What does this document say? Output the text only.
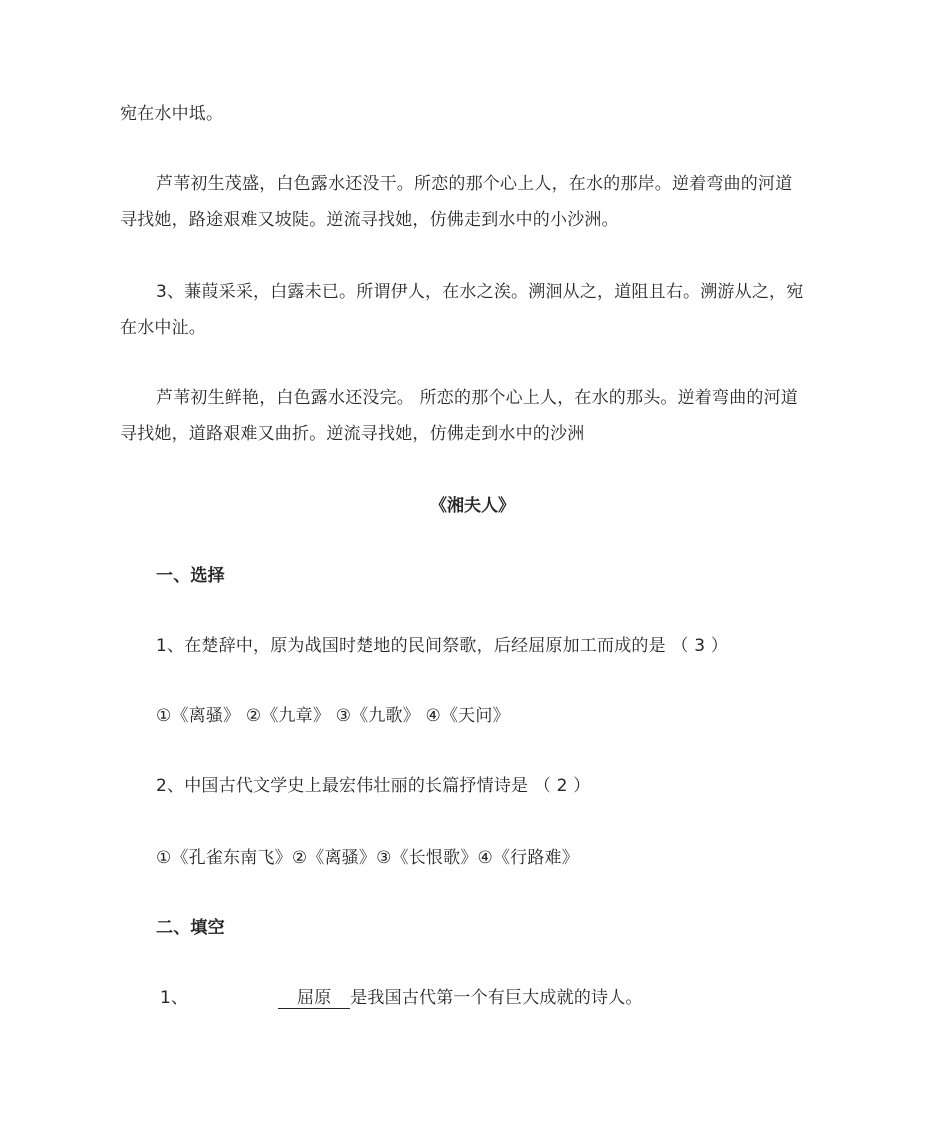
宛在水中坻。
芦苇初生茂盛，白色露水还没干。所恋的那个心上人，在水的那岸。逆着弯曲的河道
寻找她，路途艰难又坡陡。逆流寻找她，仿佛走到水中的小沙洲。
3、蒹葭采采，白露未已。所谓伊人，在水之涘。溯洄从之，道阻且右。溯游从之，宛
在水中沚。
芦苇初生鲜艳，白色露水还没完。 所恋的那个心上人，在水的那头。逆着弯曲的河道
寻找她，道路艰难又曲折。逆流寻找她，仿佛走到水中的沙洲
《湘夫人》
一、选择
1、在楚辞中，原为战国时楚地的民间祭歌，后经屈原加工而成的是 （ 3 ）
①《离骚》 ②《九章》 ③《九歌》 ④《天问》
2、中国古代文学史上最宏伟壮丽的长篇抒情诗是 （ 2 ）
①《孔雀东南飞》②《离骚》③《长恨歌》④《行路难》
二、填空
1、	屈原 是我国古代第一个有巨大成就的诗人。
